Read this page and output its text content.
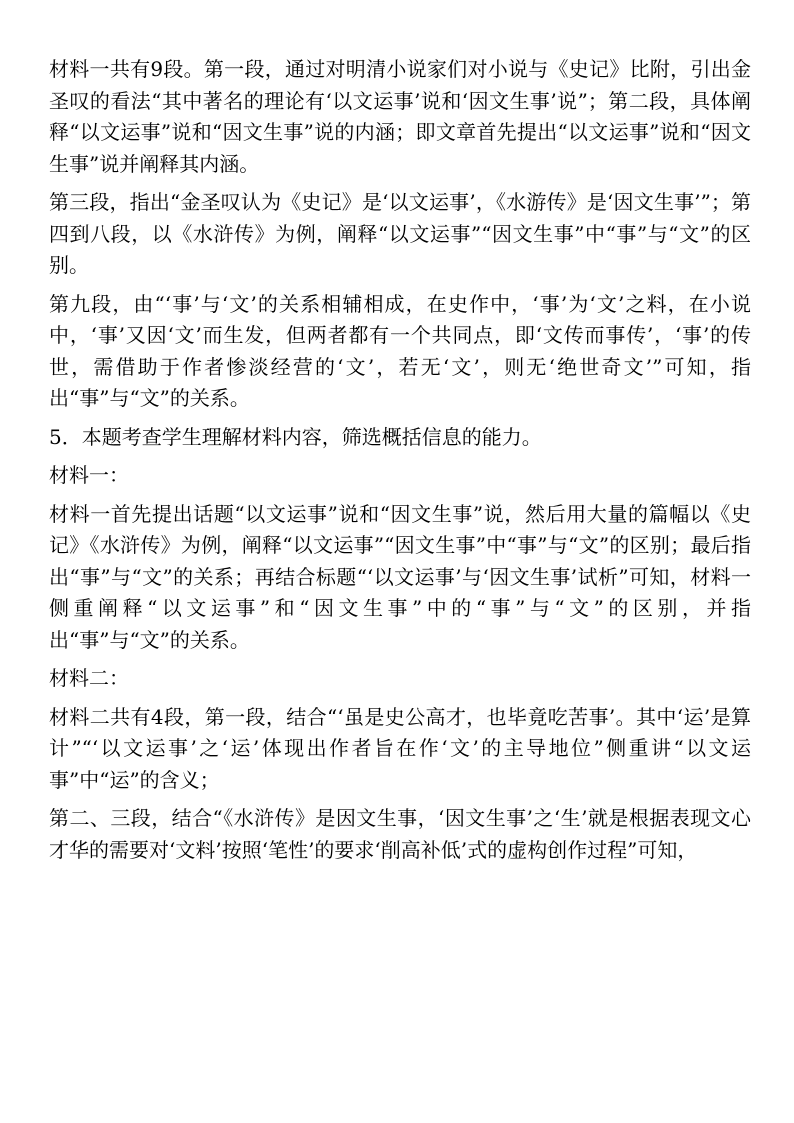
材料一共有9段。第一段，通过对明清小说家们对小说与《史记》比附，引出金圣叹的看法“其中著名的理论有‘以文运事’说和‘因文生事’说”；第二段，具体阐释“以文运事”说和“因文生事”说的内涵；即文章首先提出“以文运事”说和“因文生事”说并阐释其内涵。

第三段，指出“金圣叹认为《史记》是‘以文运事’，《水游传》是‘因文生事’”；第四到八段，以《水浒传》为例，阐释“以文运事”“因文生事”中“事”与“文”的区别。

第九段，由“‘事’与‘文’的关系相辅相成，在史作中，‘事’为‘文’之料，在小说中，‘事’又因‘文’而生发，但两者都有一个共同点，即‘文传而事传’，‘事’的传世，需借助于作者惨淡经营的‘文’，若无‘文’，则无‘绝世奇文’”可知，指出“事”与“文”的关系。

5．本题考查学生理解材料内容，筛选概括信息的能力。

材料一：

材料一首先提出话题“以文运事”说和“因文生事”说，然后用大量的篇幅以《史记》《水浒传》为例，阐释“以文运事”“因文生事”中“事”与“文”的区别；最后指出“事”与“文”的关系；再结合标题“‘以文运事’与‘因文生事’试析”可知，材料一侧重阐释“以文运事”和“因文生事”中的“事”与“文”的区别，并指出“事”与“文”的关系。

材料二：

材料二共有4段，第一段，结合“‘虽是史公高才，也毕竟吃苦事’。其中‘运’是算计”“‘以文运事’之‘运’体现出作者旨在作‘文’的主导地位”侧重讲“以文运事”中“运”的含义；

第二、三段，结合“《水浒传》是因文生事，‘因文生事’之‘生’就是根据表现文心才华的需要对‘文料’按照‘笔性’的要求‘削高补低’式的虚构创作过程”可知，
